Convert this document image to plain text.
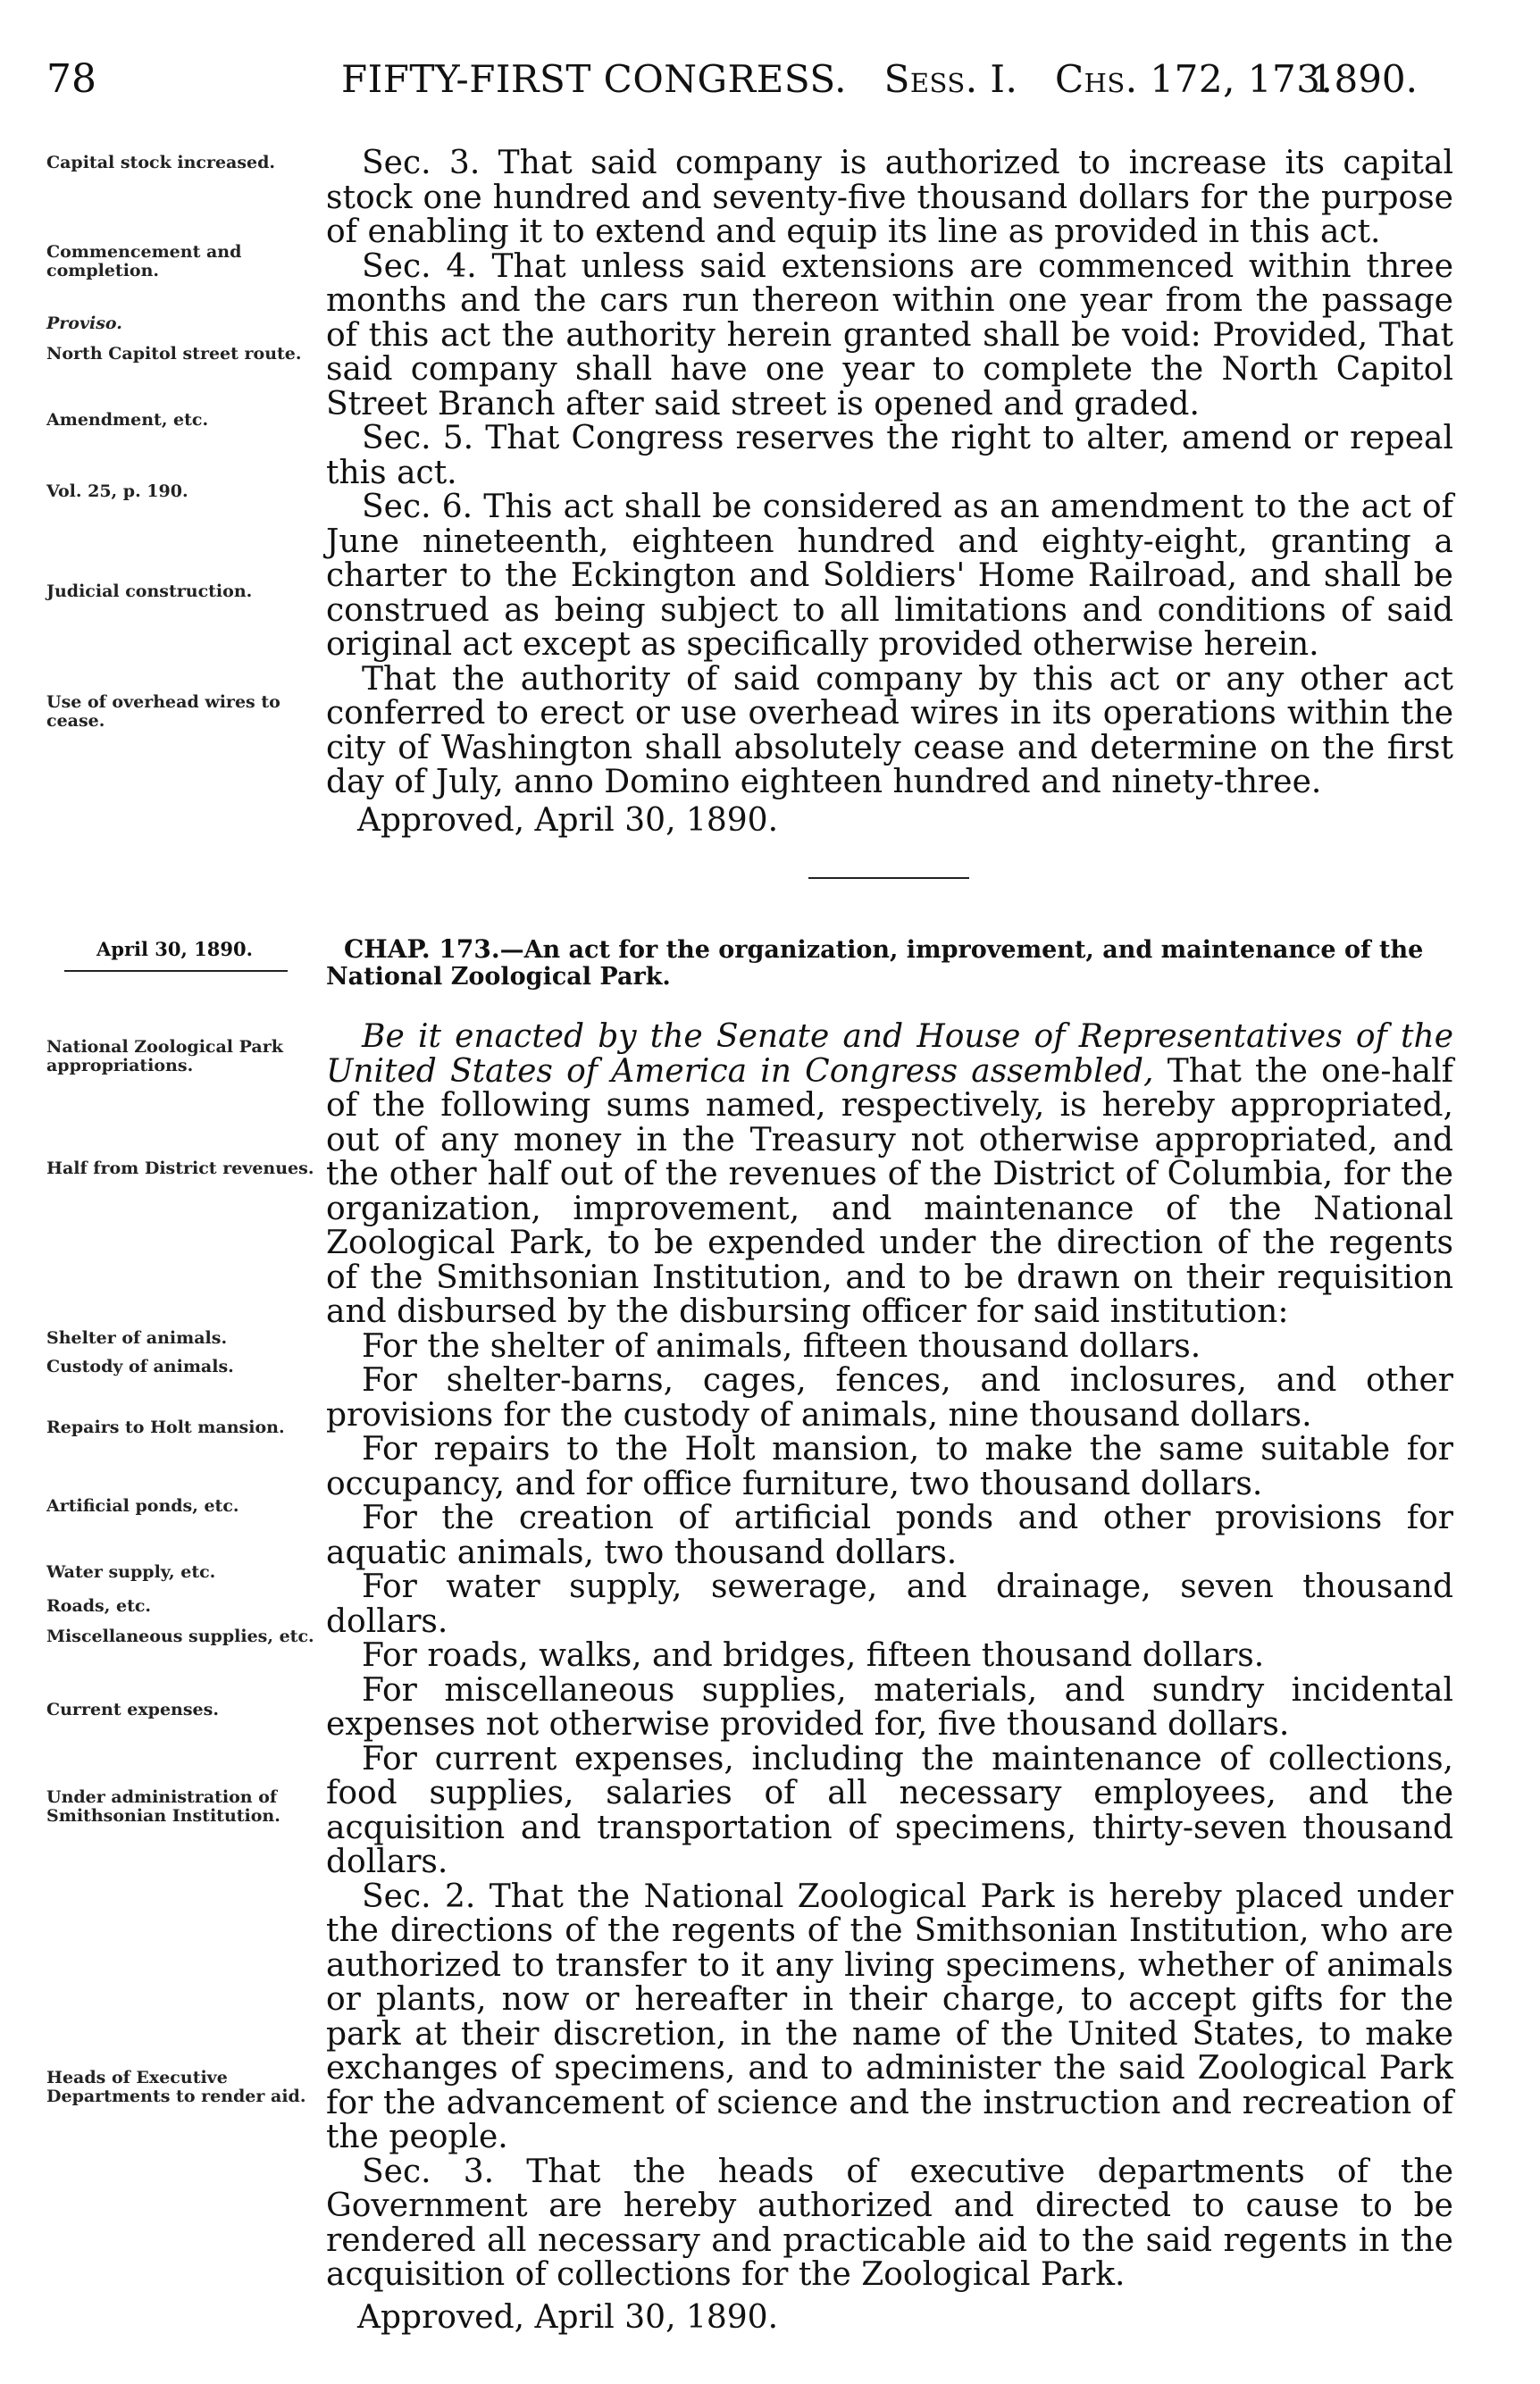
78	FIFTY-FIRST CONGRESS. Sess. I. Chs. 172, 173.
1890.
Capital stock increased.
Commencement and completion.
Proviso.
North Capitol street route.
Amendment, etc.
Vol. 25, p. 190.
Judicial construction.
Use of overhead wires to cease.

Sec. 3. That said company is authorized to increase its capital stock one hundred and seventy-five thousand dollars for the purpose of enabling it to extend and equip its line as provided in this act.

Sec. 4. That unless said extensions are commenced within three months and the cars run thereon within one year from the passage of this act the authority herein granted shall be void: Provided, That said company shall have one year to complete the North Capitol Street Branch after said street is opened and graded.

Sec. 5. That Congress reserves the right to alter, amend or repeal this act.

Sec. 6. This act shall be considered as an amendment to the act of June nineteenth, eighteen hundred and eighty-eight, granting a charter to the Eckington and Soldiers' Home Railroad, and shall be construed as being subject to all limitations and conditions of said original act except as specifically provided otherwise herein.

That the authority of said company by this act or any other act conferred to erect or use overhead wires in its operations within the city of Washington shall absolutely cease and determine on the first day of July, anno Domino eighteen hundred and ninety-three.

Approved, April 30, 1890.
April 30, 1890.	CHAP. 173.—An act for the organization, improvement, and maintenance of the National Zoological Park.
National Zoological Park appropriations.
Half from District revenues.
Shelter of animals.
Custody of animals.
Repairs to Holt mansion.
Artificial ponds, etc.
Water supply, etc.
Roads, etc.
Miscellaneous supplies, etc.
Current expenses.
Under administration of Smithsonian Institution.
Heads of Executive Departments to render aid.

Be it enacted by the Senate and House of Representatives of the United States of America in Congress assembled, That the one-half of the following sums named, respectively, is hereby appropriated, out of any money in the Treasury not otherwise appropriated, and the other half out of the revenues of the District of Columbia, for the organization, improvement, and maintenance of the National Zoological Park, to be expended under the direction of the regents of the Smithsonian Institution, and to be drawn on their requisition and disbursed by the disbursing officer for said institution:

For the shelter of animals, fifteen thousand dollars.

For shelter-barns, cages, fences, and inclosures, and other provisions for the custody of animals, nine thousand dollars.

For repairs to the Holt mansion, to make the same suitable for occupancy, and for office furniture, two thousand dollars.

For the creation of artificial ponds and other provisions for aquatic animals, two thousand dollars.

For water supply, sewerage, and drainage, seven thousand dollars.

For roads, walks, and bridges, fifteen thousand dollars.

For miscellaneous supplies, materials, and sundry incidental expenses not otherwise provided for, five thousand dollars.

For current expenses, including the maintenance of collections, food supplies, salaries of all necessary employees, and the acquisition and transportation of specimens, thirty-seven thousand dollars.

Sec. 2. That the National Zoological Park is hereby placed under the directions of the regents of the Smithsonian Institution, who are authorized to transfer to it any living specimens, whether of animals or plants, now or hereafter in their charge, to accept gifts for the park at their discretion, in the name of the United States, to make exchanges of specimens, and to administer the said Zoological Park for the advancement of science and the instruction and recreation of the people.

Sec. 3. That the heads of executive departments of the Government are hereby authorized and directed to cause to be rendered all necessary and practicable aid to the said regents in the acquisition of collections for the Zoological Park.

Approved, April 30, 1890.
